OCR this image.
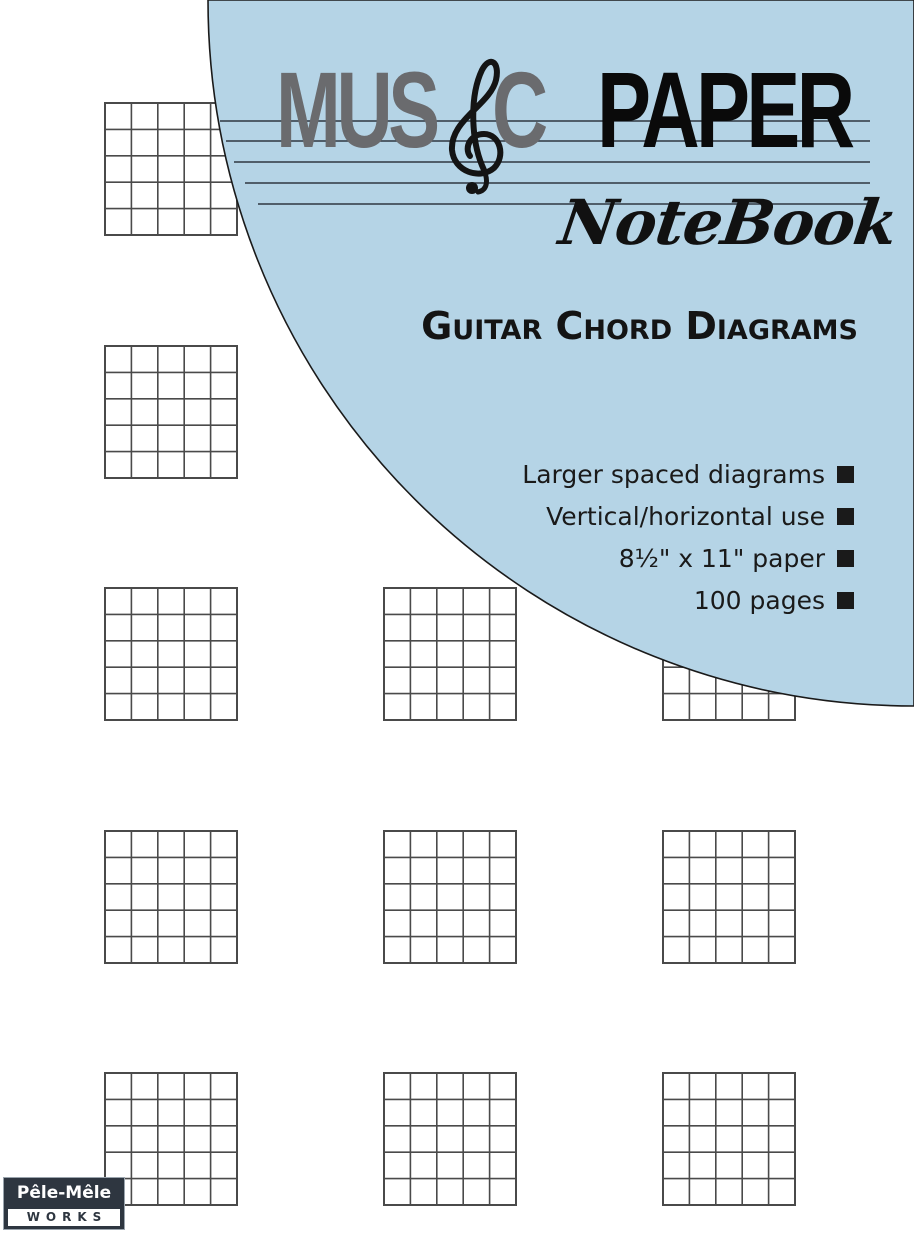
MUS C PAPER
NoteBook
Guitar Chord Diagrams
Larger spaced diagrams
Vertical/horizontal use
8½" x 11" paper
100 pages
Pêle-Mêle
WORKS
